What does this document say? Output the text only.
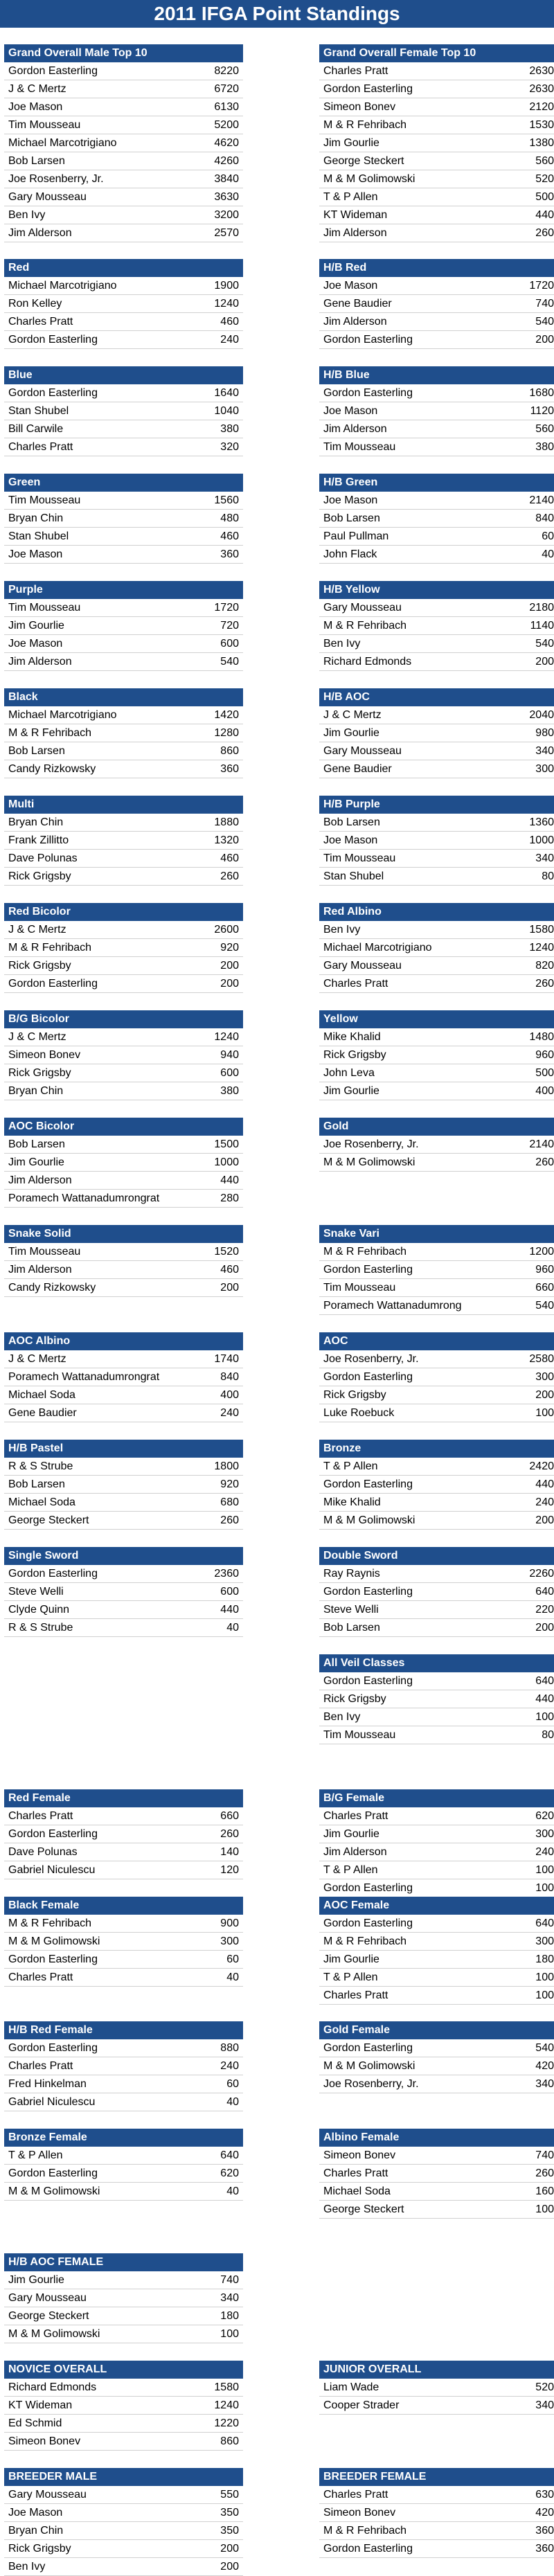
2011 IFGA Point Standings
Grand Overall Male Top 10
Gordon Easterling	8220
J & C Mertz	6720
Joe Mason	6130
Tim Mousseau	5200
Michael Marcotrigiano	4620
Bob Larsen	4260
Joe Rosenberry, Jr.	3840
Gary Mousseau	3630
Ben Ivy	3200
Jim Alderson	2570
Grand Overall Female Top 10
Charles Pratt	2630
Gordon Easterling	2630
Simeon Bonev	2120
M & R Fehribach	1530
Jim Gourlie	1380
George Steckert	560
M & M Golimowski	520
T & P Allen	500
KT Wideman	440
Jim Alderson	260
Red
Michael Marcotrigiano	1900
Ron Kelley	1240
Charles Pratt	460
Gordon Easterling	240
H/B Red
Joe Mason	1720
Gene Baudier	740
Jim Alderson	540
Gordon Easterling	200
Blue
Gordon Easterling	1640
Stan Shubel	1040
Bill Carwile	380
Charles Pratt	320
H/B Blue
Gordon Easterling	1680
Joe Mason	1120
Jim Alderson	560
Tim Mousseau	380
Green
Tim Mousseau	1560
Bryan Chin	480
Stan Shubel	460
Joe Mason	360
H/B Green
Joe Mason	2140
Bob Larsen	840
Paul Pullman	60
John Flack	40
Purple
Tim Mousseau	1720
Jim Gourlie	720
Joe Mason	600
Jim Alderson	540
H/B Yellow
Gary Mousseau	2180
M & R Fehribach	1140
Ben Ivy	540
Richard Edmonds	200
Black
Michael Marcotrigiano	1420
M & R Fehribach	1280
Bob Larsen	860
Candy Rizkowsky	360
H/B AOC
J & C Mertz	2040
Jim Gourlie	980
Gary Mousseau	340
Gene Baudier	300
Multi
Bryan Chin	1880
Frank Zillitto	1320
Dave Polunas	460
Rick Grigsby	260
H/B Purple
Bob Larsen	1360
Joe Mason	1000
Tim Mousseau	340
Stan Shubel	80
Red Bicolor
J & C Mertz	2600
M & R Fehribach	920
Rick Grigsby	200
Gordon Easterling	200
Red Albino
Ben Ivy	1580
Michael Marcotrigiano	1240
Gary Mousseau	820
Charles Pratt	260
B/G Bicolor
J & C Mertz	1240
Simeon Bonev	940
Rick Grigsby	600
Bryan Chin	380
Yellow
Mike Khalid	1480
Rick Grigsby	960
John Leva	500
Jim Gourlie	400
AOC Bicolor
Bob Larsen	1500
Jim Gourlie	1000
Jim Alderson	440
Poramech Wattanadumrongrat	280
Gold
Joe Rosenberry, Jr.	2140
M & M Golimowski	260
Snake Solid
Tim Mousseau	1520
Jim Alderson	460
Candy Rizkowsky	200
Snake Vari
M & R Fehribach	1200
Gordon Easterling	960
Tim Mousseau	660
Poramech Wattanadumrong	540
AOC Albino
J & C Mertz	1740
Poramech Wattanadumrongrat	840
Michael Soda	400
Gene Baudier	240
AOC
Joe Rosenberry, Jr.	2580
Gordon Easterling	300
Rick Grigsby	200
Luke Roebuck	100
H/B Pastel
R & S Strube	1800
Bob Larsen	920
Michael Soda	680
George Steckert	260
Bronze
T & P Allen	2420
Gordon Easterling	440
Mike Khalid	240
M & M Golimowski	200
Single Sword
Gordon Easterling	2360
Steve Welli	600
Clyde Quinn	440
R & S Strube	40
Double Sword
Ray Raynis	2260
Gordon Easterling	640
Steve Welli	220
Bob Larsen	200
All Veil Classes
Gordon Easterling	640
Rick Grigsby	440
Ben Ivy	100
Tim Mousseau	80
Red Female
Charles Pratt	660
Gordon Easterling	260
Dave Polunas	140
Gabriel Niculescu	120
B/G Female
Charles Pratt	620
Jim Gourlie	300
Jim Alderson	240
T & P Allen	100
Gordon Easterling	100
Black Female
M & R Fehribach	900
M & M Golimowski	300
Gordon Easterling	60
Charles Pratt	40
AOC Female
Gordon Easterling	640
M & R Fehribach	300
Jim Gourlie	180
T & P Allen	100
Charles Pratt	100
H/B Red Female
Gordon Easterling	880
Charles Pratt	240
Fred Hinkelman	60
Gabriel Niculescu	40
Gold Female
Gordon Easterling	540
M & M Golimowski	420
Joe Rosenberry, Jr.	340
Bronze Female
T & P Allen	640
Gordon Easterling	620
M & M Golimowski	40
Albino Female
Simeon Bonev	740
Charles Pratt	260
Michael Soda	160
George Steckert	100
H/B AOC FEMALE
Jim Gourlie	740
Gary Mousseau	340
George Steckert	180
M & M Golimowski	100
NOVICE OVERALL
Richard Edmonds	1580
KT Wideman	1240
Ed Schmid	1220
Simeon Bonev	860
JUNIOR OVERALL
Liam Wade	520
Cooper Strader	340
BREEDER MALE
Gary Mousseau	550
Joe Mason	350
Bryan Chin	350
Rick Grigsby	200
Ben Ivy	200
BREEDER FEMALE
Charles Pratt	630
Simeon Bonev	420
M & R Fehribach	360
Gordon Easterling	360
